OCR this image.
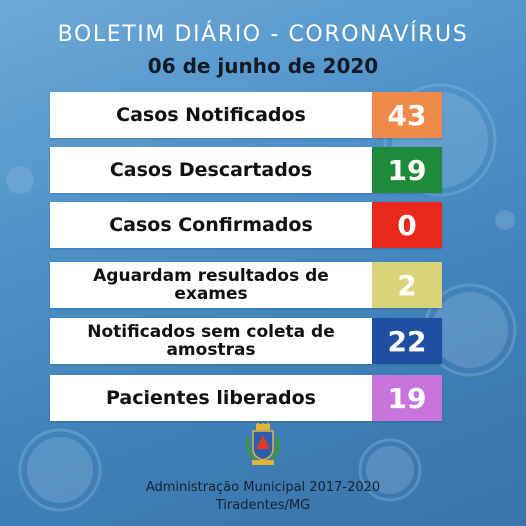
BOLETIM DIÁRIO - CORONAVÍRUS
06 de junho de 2020
Casos Notificados	43
Casos Descartados	19
Casos Confirmados	0
Aguardam resultados de exames	2
Notificados sem coleta de amostras	22
Pacientes liberados	19
Administração Municipal 2017-2020
Tiradentes/MG
